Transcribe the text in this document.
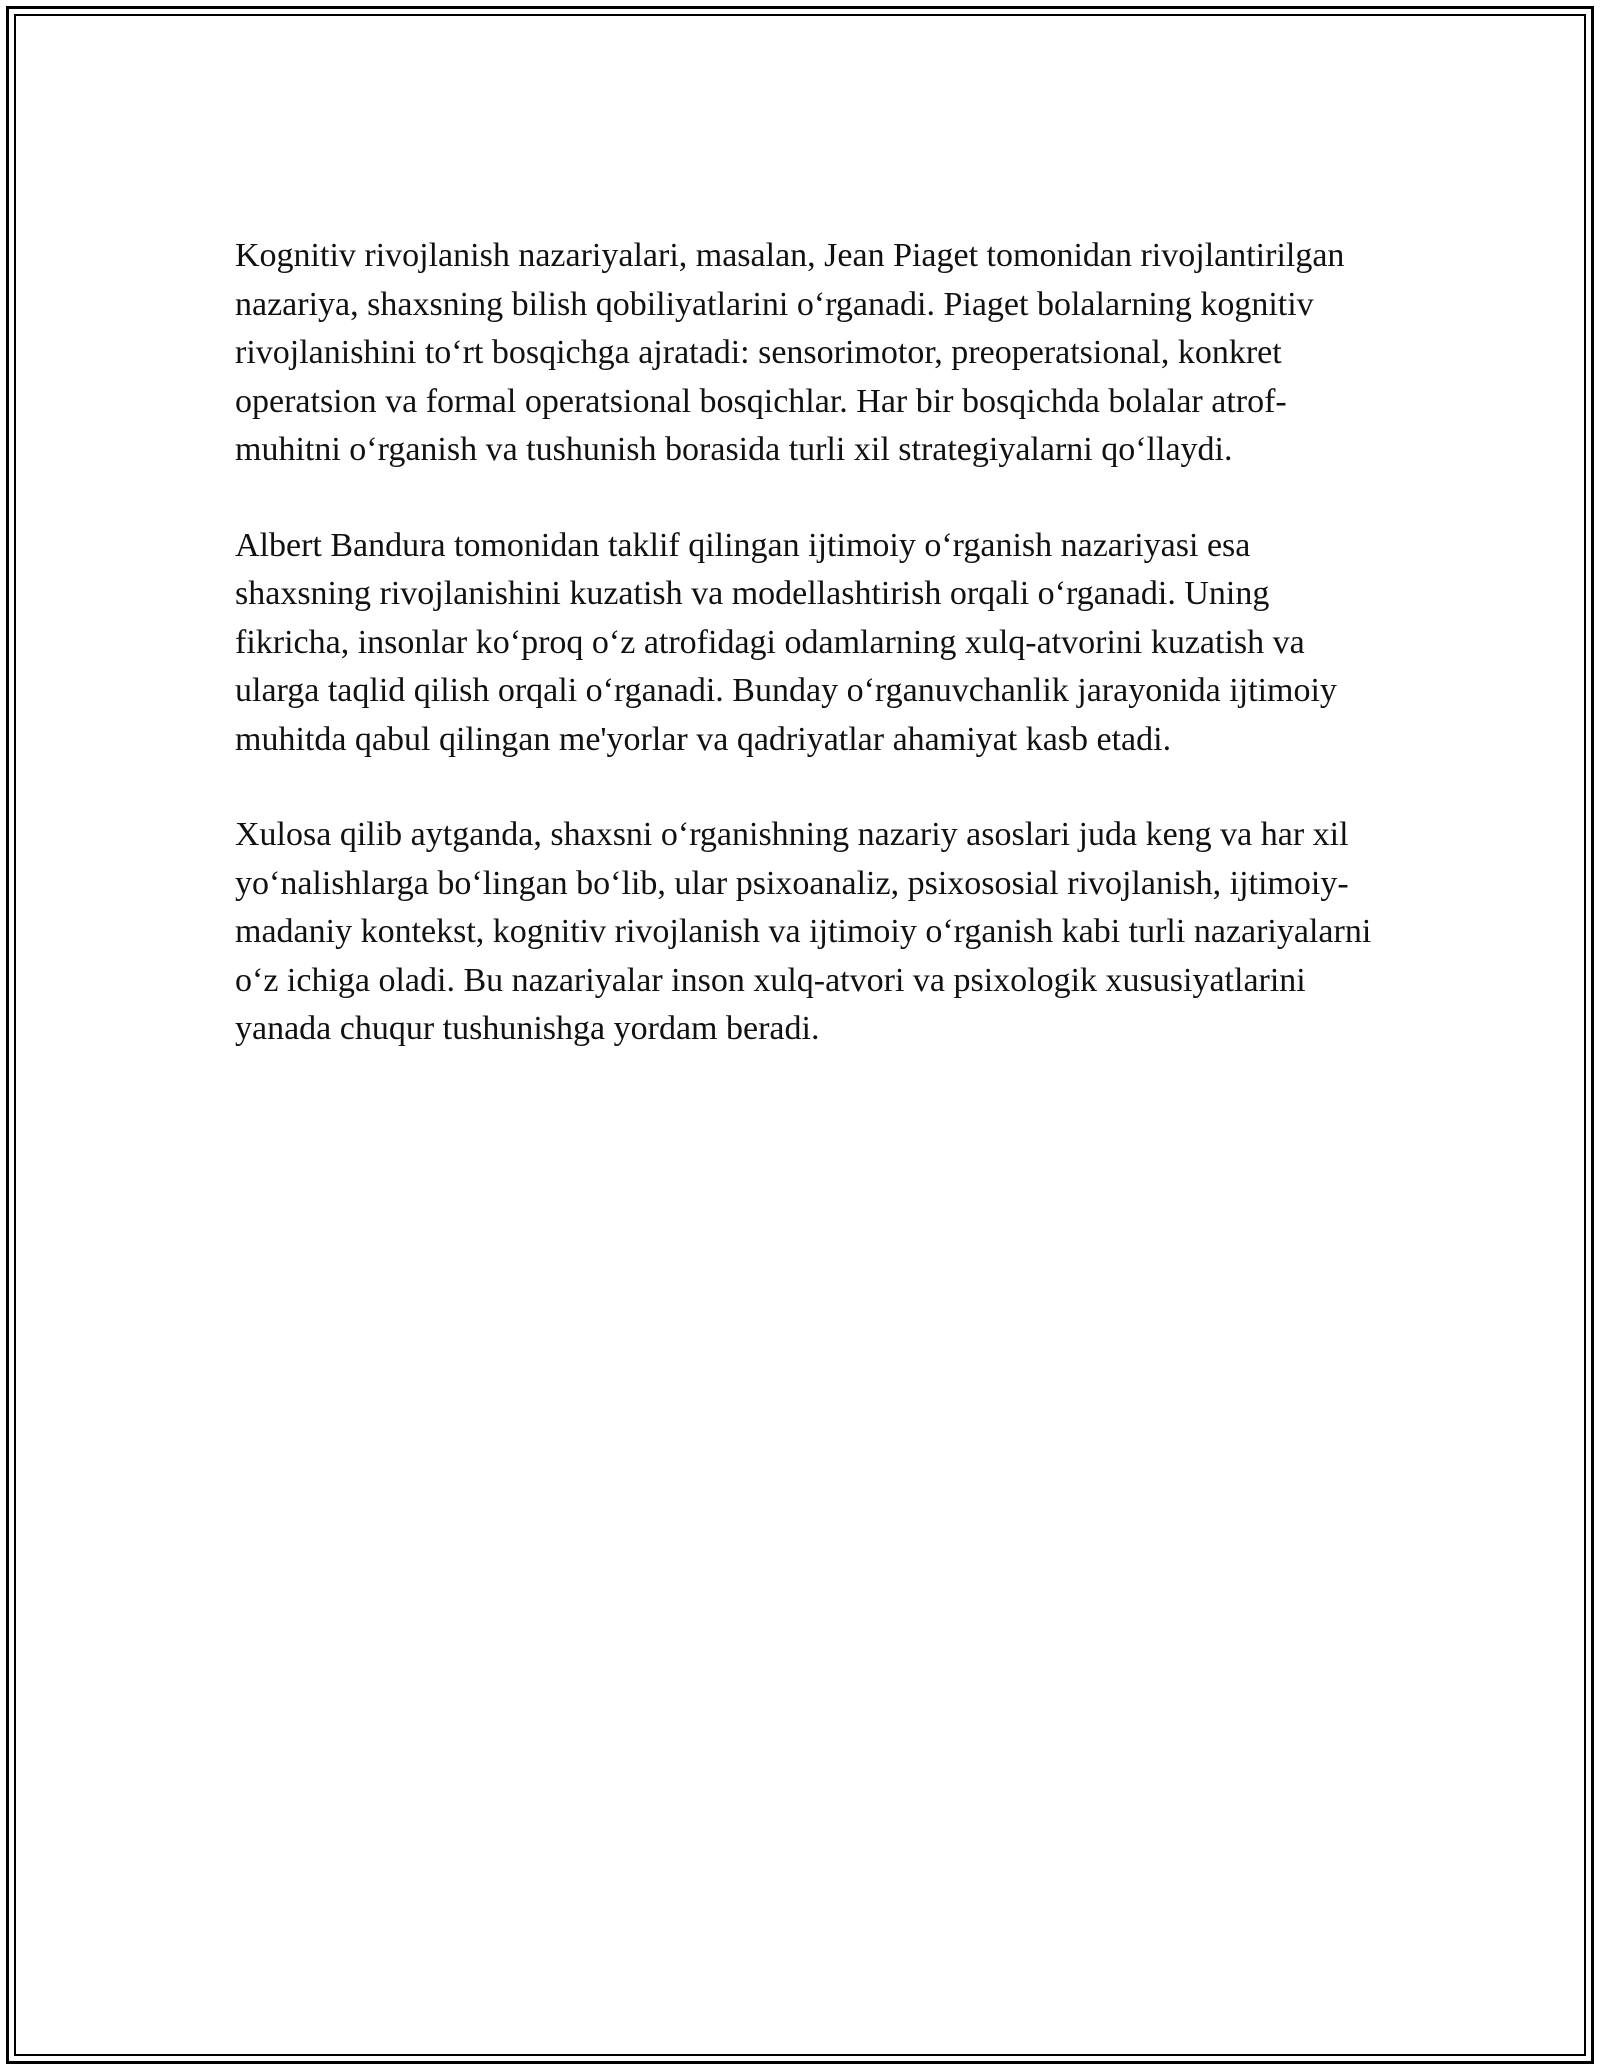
Kognitiv rivojlanish nazariyalari, masalan, Jean Piaget tomonidan rivojlantirilgan nazariya, shaxsning bilish qobiliyatlarini o‘rganadi. Piaget bolalarning kognitiv rivojlanishini to‘rt bosqichga ajratadi: sensorimotor, preoperatsional, konkret operatsion va formal operatsional bosqichlar. Har bir bosqichda bolalar atrof-muhitni o‘rganish va tushunish borasida turli xil strategiyalarni qo‘llaydi.

Albert Bandura tomonidan taklif qilingan ijtimoiy o‘rganish nazariyasi esa shaxsning rivojlanishini kuzatish va modellashtirish orqali o‘rganadi. Uning fikricha, insonlar ko‘proq o‘z atrofidagi odamlarning xulq-atvorini kuzatish va ularga taqlid qilish orqali o‘rganadi. Bunday o‘rganuvchanlik jarayonida ijtimoiy muhitda qabul qilingan me'yorlar va qadriyatlar ahamiyat kasb etadi.

Xulosa qilib aytganda, shaxsni o‘rganishning nazariy asoslari juda keng va har xil yo‘nalishlarga bo‘lingan bo‘lib, ular psixoanaliz, psixososial rivojlanish, ijtimoiy-madaniy kontekst, kognitiv rivojlanish va ijtimoiy o‘rganish kabi turli nazariyalarni o‘z ichiga oladi. Bu nazariyalar inson xulq-atvori va psixologik xususiyatlarini yanada chuqur tushunishga yordam beradi.
